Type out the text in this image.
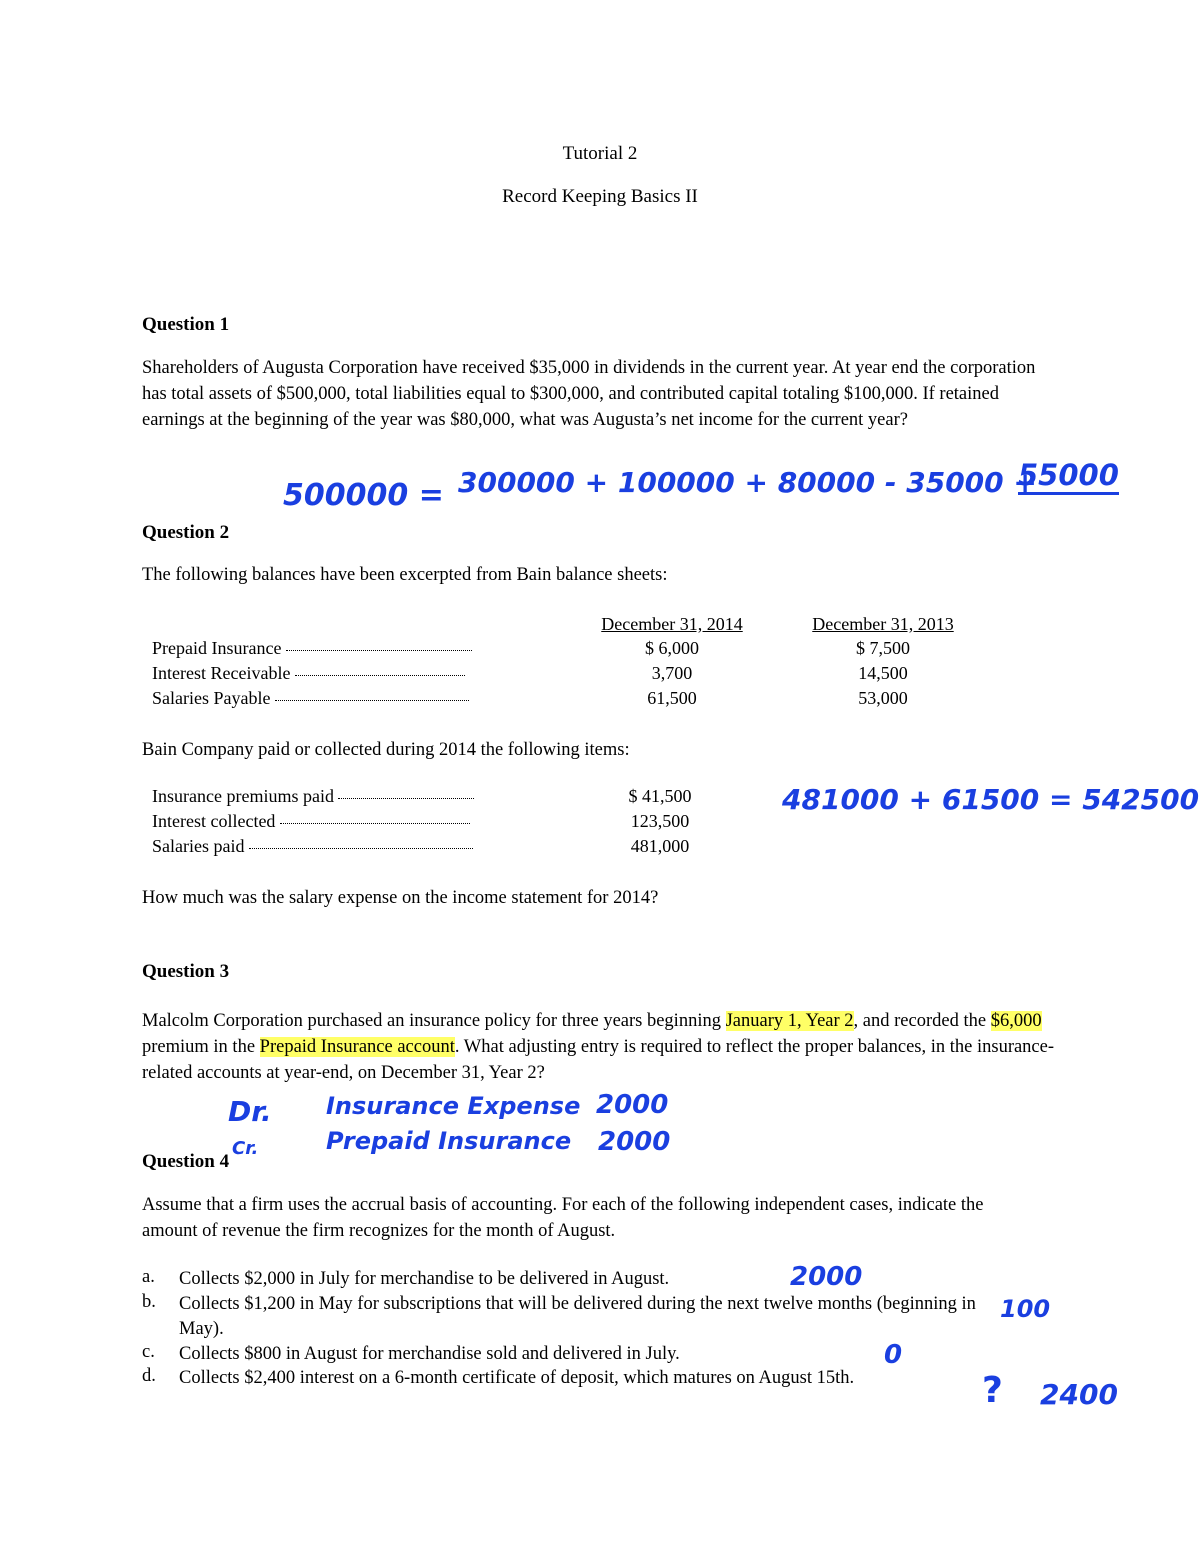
Tutorial 2
Record Keeping Basics II
Question 1
Shareholders of Augusta Corporation have received $35,000 in dividends in the current year. At year end the corporation has total assets of $500,000, total liabilities equal to $300,000, and contributed capital totaling $100,000. If retained earnings at the beginning of the year was $80,000, what was Augusta’s net income for the current year?
500000 = 300000 + 100000 + 80000 - 35000 +
55000
Question 2
The following balances have been excerpted from Bain balance sheets:
December 31, 2014	December 31, 2013
Prepaid Insurance	$ 6,000	$ 7,500
Interest Receivable	3,700	14,500
Salaries Payable	61,500	53,000
Bain Company paid or collected during 2014 the following items:
Insurance premiums paid	$ 41,500
Interest collected	123,500
Salaries paid	481,000
481000 + 61500 = 542500
How much was the salary expense on the income statement for 2014?
Question 3
Malcolm Corporation purchased an insurance policy for three years beginning January 1, Year 2, and recorded the $6,000 premium in the Prepaid Insurance account. What adjusting entry is required to reflect the proper balances, in the insurance-related accounts at year-end, on December 31, Year 2?
Dr. Insurance Expense 2000
Cr.	Prepaid Insurance 2000
Question 4
Assume that a firm uses the accrual basis of accounting. For each of the following independent cases, indicate the amount of revenue the firm recognizes for the month of August.
a. Collects $2,000 in July for merchandise to be delivered in August.
b. Collects $1,200 in May for subscriptions that will be delivered during the next twelve months (beginning in May).
c. Collects $800 in August for merchandise sold and delivered in July.
d. Collects $2,400 interest on a 6-month certificate of deposit, which matures on August 15th.
2000
100
0
? 2400
